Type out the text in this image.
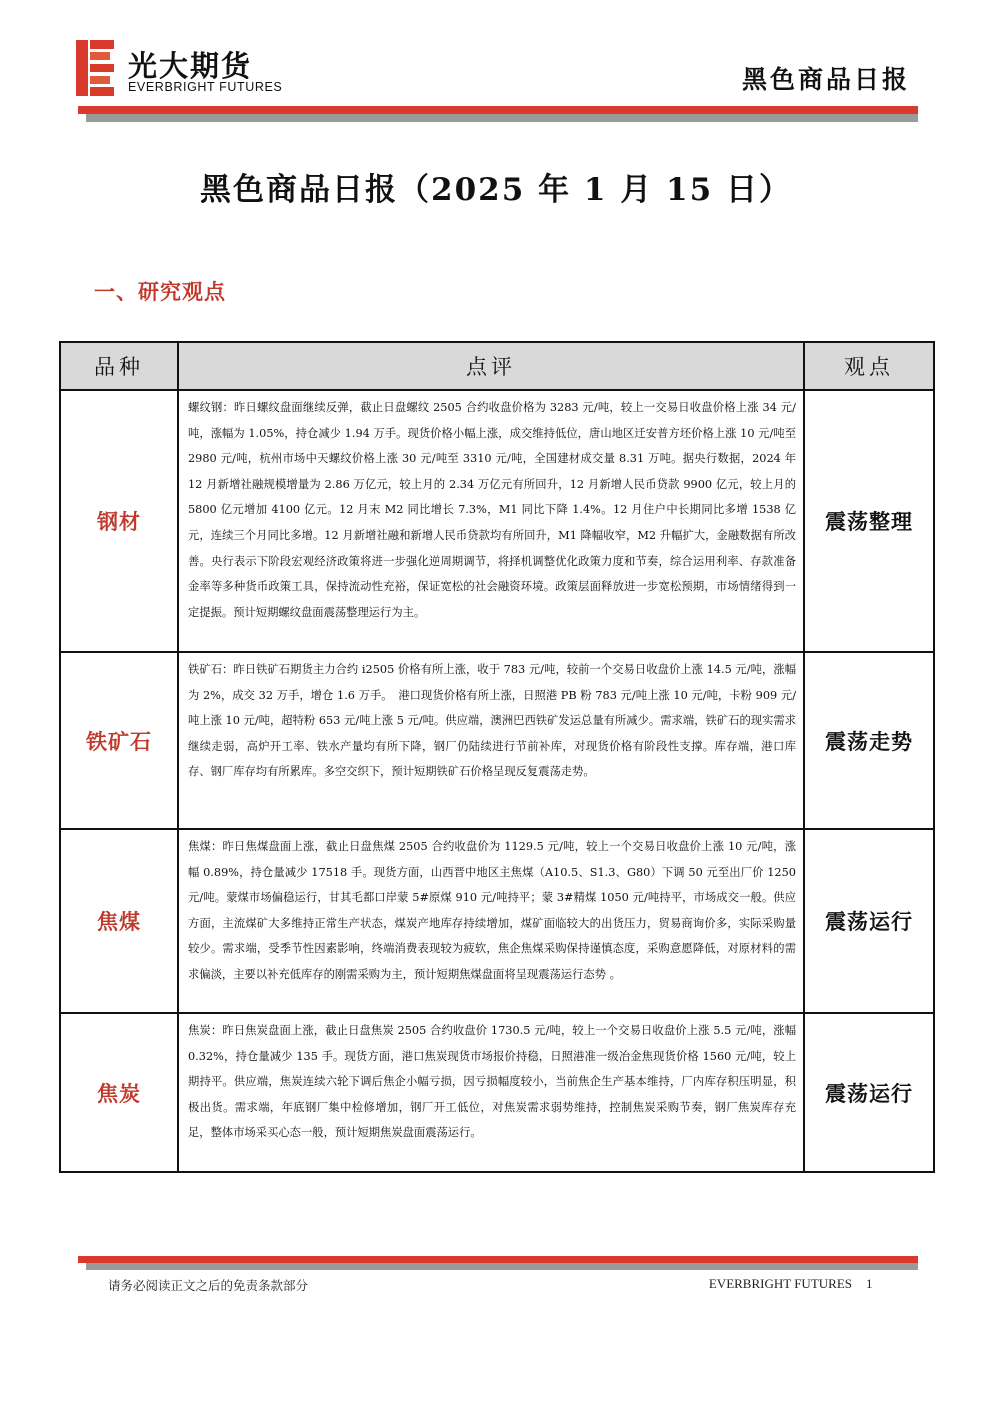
光大期货
EVERBRIGHT FUTURES	黑色商品日报
黑色商品日报（2025 年 1 月 15 日）
一、研究观点
品种	点评	观点
钢材	螺纹钢：昨日螺纹盘面继续反弹，截止日盘螺纹 2505 合约收盘价格为 3283 元/吨，较上一交易日收盘价格上涨 34 元/吨，涨幅为 1.05%，持仓减少 1.94 万手。现货价格小幅上涨，成交维持低位，唐山地区迁安普方坯价格上涨 10 元/吨至 2980 元/吨，杭州市场中天螺纹价格上涨 30 元/吨至 3310 元/吨，全国建材成交量 8.31 万吨。据央行数据，2024 年 12 月新增社融规模增量为 2.86 万亿元，较上月的 2.34 万亿元有所回升，12 月新增人民币贷款 9900 亿元，较上月的 5800 亿元增加 4100 亿元。12 月末 M2 同比增长 7.3%，M1 同比下降 1.4%。12 月住户中长期同比多增 1538 亿元，连续三个月同比多增。12 月新增社融和新增人民币贷款均有所回升，M1 降幅收窄，M2 升幅扩大，金融数据有所改善。央行表示下阶段宏观经济政策将进一步强化逆周期调节，将择机调整优化政策力度和节奏，综合运用利率、存款准备金率等多种货币政策工具，保持流动性充裕，保证宽松的社会融资环境。政策层面释放进一步宽松预期，市场情绪得到一定提振。预计短期螺纹盘面震荡整理运行为主。	震荡整理
铁矿石	铁矿石：昨日铁矿石期货主力合约 i2505 价格有所上涨，收于 783 元/吨，较前一个交易日收盘价上涨 14.5 元/吨，涨幅为 2%，成交 32 万手，增仓 1.6 万手。　港口现货价格有所上涨，日照港 PB 粉 783 元/吨上涨 10 元/吨，卡粉 909 元/吨上涨 10 元/吨，超特粉 653 元/吨上涨 5 元/吨。供应端，澳洲巴西铁矿发运总量有所减少。需求端，铁矿石的现实需求继续走弱，高炉开工率、铁水产量均有所下降，钢厂仍陆续进行节前补库，对现货价格有阶段性支撑。库存端，港口库存、钢厂库存均有所累库。多空交织下，预计短期铁矿石价格呈现反复震荡走势。	震荡走势
焦煤	焦煤：昨日焦煤盘面上涨，截止日盘焦煤 2505 合约收盘价为 1129.5 元/吨，较上一个交易日收盘价上涨 10 元/吨，涨幅 0.89%，持仓量减少 17518 手。现货方面，山西晋中地区主焦煤（A10.5、S1.3、G80）下调 50 元至出厂价 1250 元/吨。蒙煤市场偏稳运行，甘其毛都口岸蒙 5#原煤 910 元/吨持平；蒙 3#精煤 1050 元/吨持平，市场成交一般。供应方面，主流煤矿大多维持正常生产状态，煤炭产地库存持续增加，煤矿面临较大的出货压力，贸易商询价多，实际采购量较少。需求端，受季节性因素影响，终端消费表现较为疲软，焦企焦煤采购保持谨慎态度，采购意愿降低，对原材料的需求偏淡，主要以补充低库存的刚需采购为主，预计短期焦煤盘面将呈现震荡运行态势 。	震荡运行
焦炭	焦炭：昨日焦炭盘面上涨，截止日盘焦炭 2505 合约收盘价 1730.5 元/吨，较上一个交易日收盘价上涨 5.5 元/吨，涨幅 0.32%，持仓量减少 135 手。现货方面，港口焦炭现货市场报价持稳，日照港准一级冶金焦现货价格 1560 元/吨，较上期持平。供应端，焦炭连续六轮下调后焦企小幅亏损，因亏损幅度较小，当前焦企生产基本维持，厂内库存积压明显，积极出货。需求端，年底钢厂集中检修增加，钢厂开工低位，对焦炭需求弱势维持，控制焦炭采购节奏，钢厂焦炭库存充足，整体市场采买心态一般，预计短期焦炭盘面震荡运行。	震荡运行
请务必阅读正文之后的免责条款部分	EVERBRIGHT FUTURES 1
